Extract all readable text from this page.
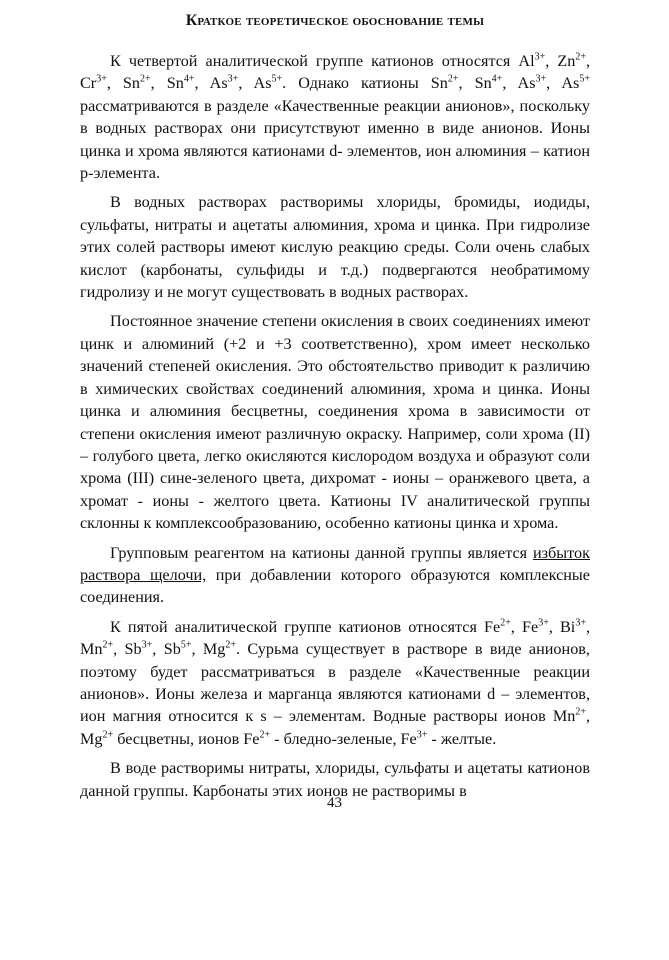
Краткое теоретическое обоснование темы

К четвертой аналитической группе катионов относятся $Al^{3+}$, $Zn^{2+}$, $Cr^{3+}$, $Sn^{2+}$, $Sn^{4+}$, $As^{3+}$, $As^{5+}$. Однако катионы $Sn^{2+}$, $Sn^{4+}$, $As^{3+}$, $As^{5+}$ рассматриваются в разделе «Качественные реакции анионов», поскольку в водных растворах они присутствуют именно в виде анионов. Ионы цинка и хрома являются катионами d- элементов, ион алюминия – катион p-элемента.

В водных растворах растворимы хлориды, бромиды, иодиды, сульфаты, нитраты и ацетаты алюминия, хрома и цинка. При гидролизе этих солей растворы имеют кислую реакцию среды. Соли очень слабых кислот (карбонаты, сульфиды и т.д.) подвергаются необратимому гидролизу и не могут существовать в водных растворах.

Постоянное значение степени окисления в своих соединениях имеют цинк и алюминий (+2 и +3 соответственно), хром имеет несколько значений степеней окисления. Это обстоятельство приводит к различию в химических свойствах соединений алюминия, хрома и цинка. Ионы цинка и алюминия бесцветны, соединения хрома в зависимости от степени окисления имеют различную окраску. Например, соли хрома (II) – голубого цвета, легко окисляются кислородом воздуха и образуют соли хрома (III) сине-зеленого цвета, дихромат - ионы – оранжевого цвета, а хромат - ионы - желтого цвета. Катионы IV аналитической группы склонны к комплексообразованию, особенно катионы цинка и хрома.

Групповым реагентом на катионы данной группы является избыток раствора щелочи, при добавлении которого образуются комплексные соединения.

К пятой аналитической группе катионов относятся $Fe^{2+}$, $Fe^{3+}$, $Bi^{3+}$, $Mn^{2+}$, $Sb^{3+}$, $Sb^{5+}$, $Mg^{2+}$. Сурьма существует в растворе в виде анионов, поэтому будет рассматриваться в разделе «Качественные реакции анионов». Ионы железа и марганца являются катионами d – элементов, ион магния относится к s – элементам. Водные растворы ионов $Mn^{2+}$, $Mg^{2+}$ бесцветны, ионов $Fe^{2+}$ - бледно-зеленые, $Fe^{3+}$ - желтые.

В воде растворимы нитраты, хлориды, сульфаты и ацетаты катионов данной группы. Карбонаты этих ионов не растворимы в

43
